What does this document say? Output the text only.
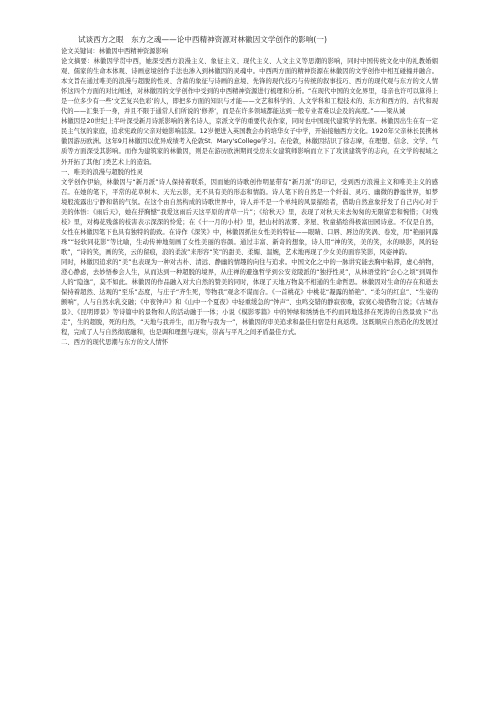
试谈西方之眼　东方之魂——论中西精神资源对林徽因文学创作的影响(一)

论文关键词：林徽因中西精神资源影响

论文摘要：林徽因学贯中西，她深受西方浪漫主义、象征主义、现代主义、人文主义等思潮的影响，同时中国传统文化中的礼教婚姻观、儒家的生命本体观、诗画意境创作手法也渗入到林徽因的灵魂中。中西两方面的精神资源在林徽因的文学创作中相互碰撞并融合。本文旨在通过唯美的浪漫与超脱的性灵、含蓄的象征与诗画的意境、先锋的现代技巧与传统的叙事技巧、西方的现代观与东方的文人情怀这四个方面的对比阐述，对林徽因的文学创作中受到的中西精神资源进行梳理和分析。“在现代中国的文化界里，母亲也许可以算得上是一位多少有一些‘文艺复兴色彩’的人，即把多方面的知识与才能——文艺和科学的、人文学科和工程技术的、东方和西方的、古代和现代的——汇集于一身，并且不限于通常人们所说的‘修养’，而是在许多领域都能达到一般专业者难以企及的高度。”——梁从诫

林徽因是20世纪上半叶深受新月诗派影响的著名诗人，京派文学的重要代表作家，同时也中国现代建筑学的先驱。林徽因出生在有一定民主气氛的家庭，追求宪政的父亲对她影响甚深。12岁便进入英国教会办的培华女子中学，开始接触西方文化。1920年父亲林长民携林徽因游历欧洲。这年9月林徽因以优异成绩考入伦敦St．Mary'sCollege学习。在伦敦，林徽因结识了徐志摩，在理想、信念、文学、气质等方面深受其影响。而作为建筑家的林徽因，则是在游历欧洲期间受房东女建筑师影响而立下了攻读建筑学的志向，在文学的视域之外开拓了其他门类艺术上的造诣。

一、唯美的浪漫与超脱的性灵

文学创作伊始，林徽因与“新月派”诗人保持着联系，因而她的诗歌创作明显带有“新月派”的印记，受到西方浪漫主义和唯美主义的感召。在她的笔下，平常的花草树木、天光云影，无不具有美的形态和情韵。诗人笔下的自然是一个纤弱、灵巧、幽微的静谧世界，如梦境般流露出宁静和谐的气氛。在这个由自然构成的诗歌世界中，诗人并不是一个单纯的风景描绘者，借助自然意象抒发了自己内心对于美的体悟：《雨后天》，她在抒胸憾“我爱这雨后天这平原的青草一片”；《给秋天》里，表现了对秋天来去匆匆的无限留恋和惋惜；《对残枝》里，对梅花残落的枝害表示深深的怜爱；在《十一月的小村》里，把山村的浓雾、茅屋、牧童描绘得极富田园诗意。不仅是自然，女性在林徽因笔下也具有独特的韵致。在诗作《深笑》中，林徽因抓住女性美的特征——眼睛、口唇、唇边的笑涡、卷发，用“艳丽同露珠”“轻软同花影”等比喻，生动传神地刻画了女性美丽的容颜。通过丰富、新奇的想象，诗人用“神的笑，美的笑，水的映影，风的轻歌”，“诗的笑，画的笑，云的留痕，浪的柔波”来形容“笑”的甜美、柔媚、温婉，艺术地再现了少女美的面容笑影，风姿神韵。

同时，林徽因追求的“美”也表现为一种对古朴、清远、静幽的情趣的向往与追求。中国文化之中的一脉讲究能去胸中粘滞，虚心纳物，澄心静虑，去妙悟参会人生，从而达到一种超脱的境界，从庄禅的避逸哲学到公安竞陵派的“独抒性灵”，从林语堂的“会心之顷”到周作人的“隐逸”，莫不如此。林徽因的作品融入对大自然的赞美的同时，体现了天地万物莫不相通的生命哲思。林徽因对生命的存在和逝去保持着超然、达观的“至乐”态度，与庄子“齐生死，等物我”观念不谋而合。《一首桃花》中桃花“凝露的娇艳”、“柔匀的红息”、“生姿的颤响”，人与自然水乳交融；《中夜钟声》和《山中一个夏夜》中轻重缓急的“钟声”、虫鸣交错的静寂夜晚，寂寞心境借物言说；《古城春景》、《昆明即景》等诗篇中的景物和人的活动融于一体；小说《模影零篇》中的钟绿和绣绣也不约而同地选择在死涛的自然景致下“出走”，生的超脱，死的归然，“天地与我并生，而万物与我为一”，林徽因的审美追求和最佳归宿是归真返璞。这既顺应自然造化的发展过程，完成了人与自然彻底融和，也是调和理想与现实，崇高与平凡之间矛盾最佳方式。

二、西方的现代思潮与东方的文人情怀
